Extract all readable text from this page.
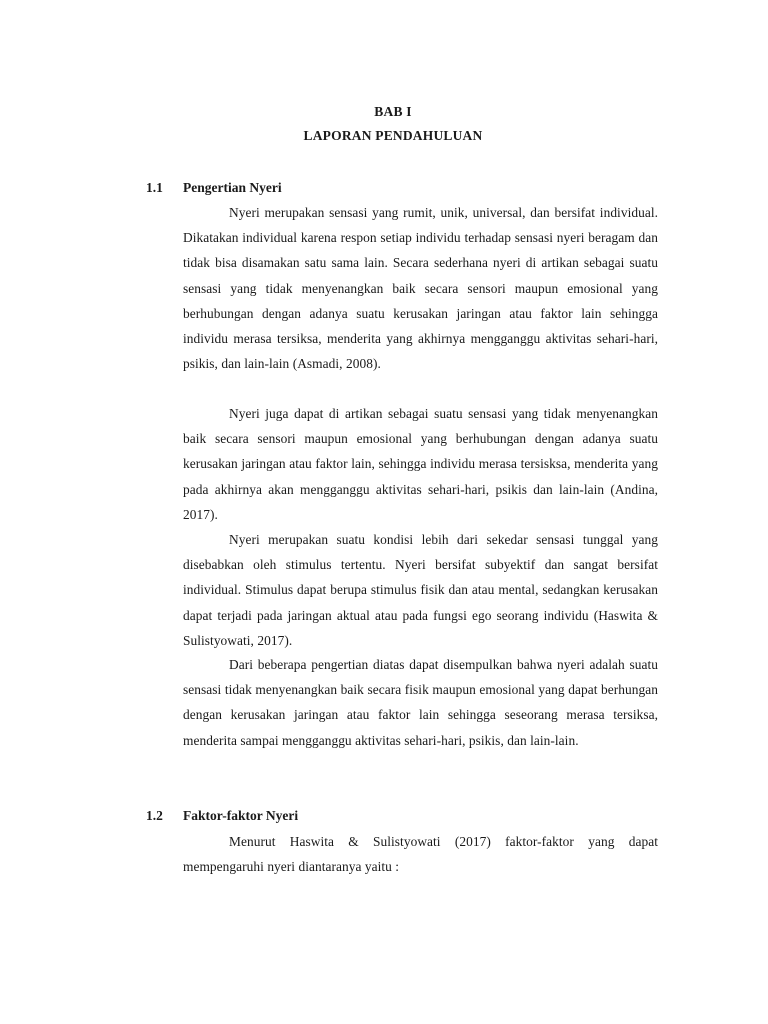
BAB I
LAPORAN PENDAHULUAN
1.1 Pengertian Nyeri

Nyeri merupakan sensasi yang rumit, unik, universal, dan bersifat individual. Dikatakan individual karena respon setiap individu terhadap sensasi nyeri beragam dan tidak bisa disamakan satu sama lain. Secara sederhana nyeri di artikan sebagai suatu sensasi yang tidak menyenangkan baik secara sensori maupun emosional yang berhubungan dengan adanya suatu kerusakan jaringan atau faktor lain sehingga individu merasa tersiksa, menderita yang akhirnya mengganggu aktivitas sehari-hari, psikis, dan lain-lain (Asmadi, 2008).

Nyeri juga dapat di artikan sebagai suatu sensasi yang tidak menyenangkan baik secara sensori maupun emosional yang berhubungan dengan adanya suatu kerusakan jaringan atau faktor lain, sehingga individu merasa tersisksa, menderita yang pada akhirnya akan mengganggu aktivitas sehari-hari, psikis dan lain-lain (Andina, 2017).

Nyeri merupakan suatu kondisi lebih dari sekedar sensasi tunggal yang disebabkan oleh stimulus tertentu. Nyeri bersifat subyektif dan sangat bersifat individual. Stimulus dapat berupa stimulus fisik dan atau mental, sedangkan kerusakan dapat terjadi pada jaringan aktual atau pada fungsi ego seorang individu (Haswita & Sulistyowati, 2017).

Dari beberapa pengertian diatas dapat disempulkan bahwa nyeri adalah suatu sensasi tidak menyenangkan baik secara fisik maupun emosional yang dapat berhungan dengan kerusakan jaringan atau faktor lain sehingga seseorang merasa tersiksa, menderita sampai mengganggu aktivitas sehari-hari, psikis, dan lain-lain.

1.2 Faktor-faktor Nyeri

Menurut Haswita & Sulistyowati (2017) faktor-faktor yang dapat mempengaruhi nyeri diantaranya yaitu :
